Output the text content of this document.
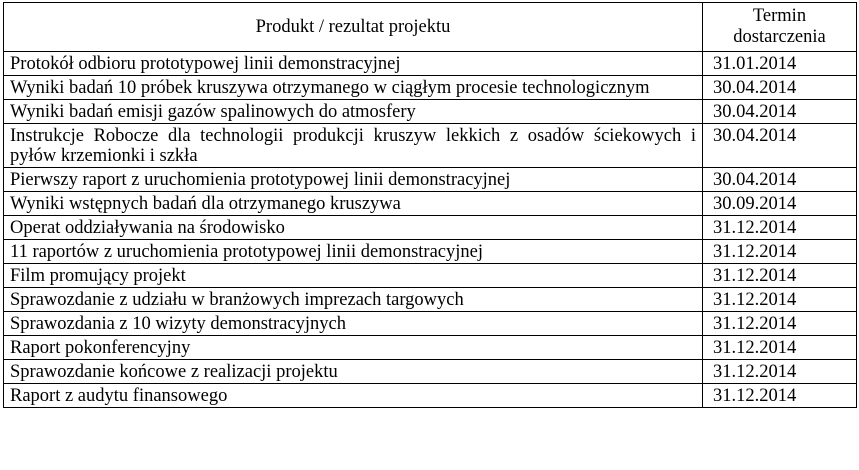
Produkt / rezultat projektu	Termin dostarczenia
Protokół odbioru prototypowej linii demonstracyjnej	31.01.2014
Wyniki badań 10 próbek kruszywa otrzymanego w ciągłym procesie technologicznym	30.04.2014
Wyniki badań emisji gazów spalinowych do atmosfery	30.04.2014
Instrukcje Robocze dla technologii produkcji kruszyw lekkich z osadów ściekowych i pyłów krzemionki i szkła	30.04.2014
Pierwszy raport z uruchomienia prototypowej linii demonstracyjnej	30.04.2014
Wyniki wstępnych badań dla otrzymanego kruszywa	30.09.2014
Operat oddziaływania na środowisko	31.12.2014
11 raportów z uruchomienia prototypowej linii demonstracyjnej	31.12.2014
Film promujący projekt	31.12.2014
Sprawozdanie z udziału w branżowych imprezach targowych	31.12.2014
Sprawozdania z 10 wizyty demonstracyjnych	31.12.2014
Raport pokonferencyjny	31.12.2014
Sprawozdanie końcowe z realizacji projektu	31.12.2014
Raport z audytu finansowego	31.12.2014
